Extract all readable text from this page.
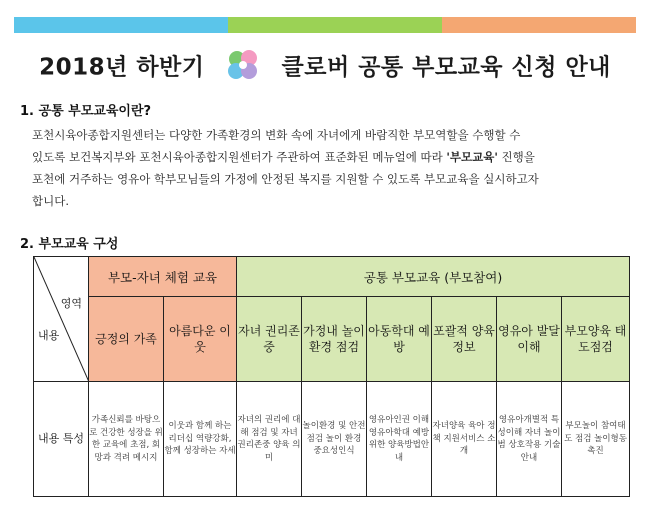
2018년 하반기	클로버 공통 부모교육 신청 안내
1. 공통 부모교육이란?
포천시육아종합지원센터는 다양한 가족환경의 변화 속에 자녀에게 바람직한 부모역할을 수행할 수
있도록 보건복지부와 포천시육아종합지원센터가 주관하여 표준화된 메뉴얼에 따라 '부모교육' 진행을
포천에 거주하는 영유아 학부모님들의 가정에 안정된 복지를 지원할 수 있도록 부모교육을 실시하고자
합니다.
2. 부모교육 구성
영역
내용	부모-자녀 체험 교육		공통 부모교육 (부모참여)					
	긍정의 가족	아름다운 이웃	자녀 권리존중	가정내 놀이환경 점검	아동학대 예방	포괄적 양육정보	영유아 발달이해	부모양육 태도점검
내용 특성	가족신뢰를 바탕으로 건강한 성장을 위한 교육에 초점, 회망과 격려 메시지	이웃과 함께 하는 리더십 역량강화, 함께 성장하는 자세	자녀의 권리에 대해 점검 및 자녀권리존중 양육 의미	놀이환경 및 안전점검 놀이 환경 중요성인식	영유아인권 이해 영유아학대 예방위한 양육방법안내	자녀양육 육아 정책 지원서비스 소개	영유아개별적 특성이해 자녀 놀이범 상호작용 기술안내	부모놀이 참여태도 점검 놀이형동 촉진
